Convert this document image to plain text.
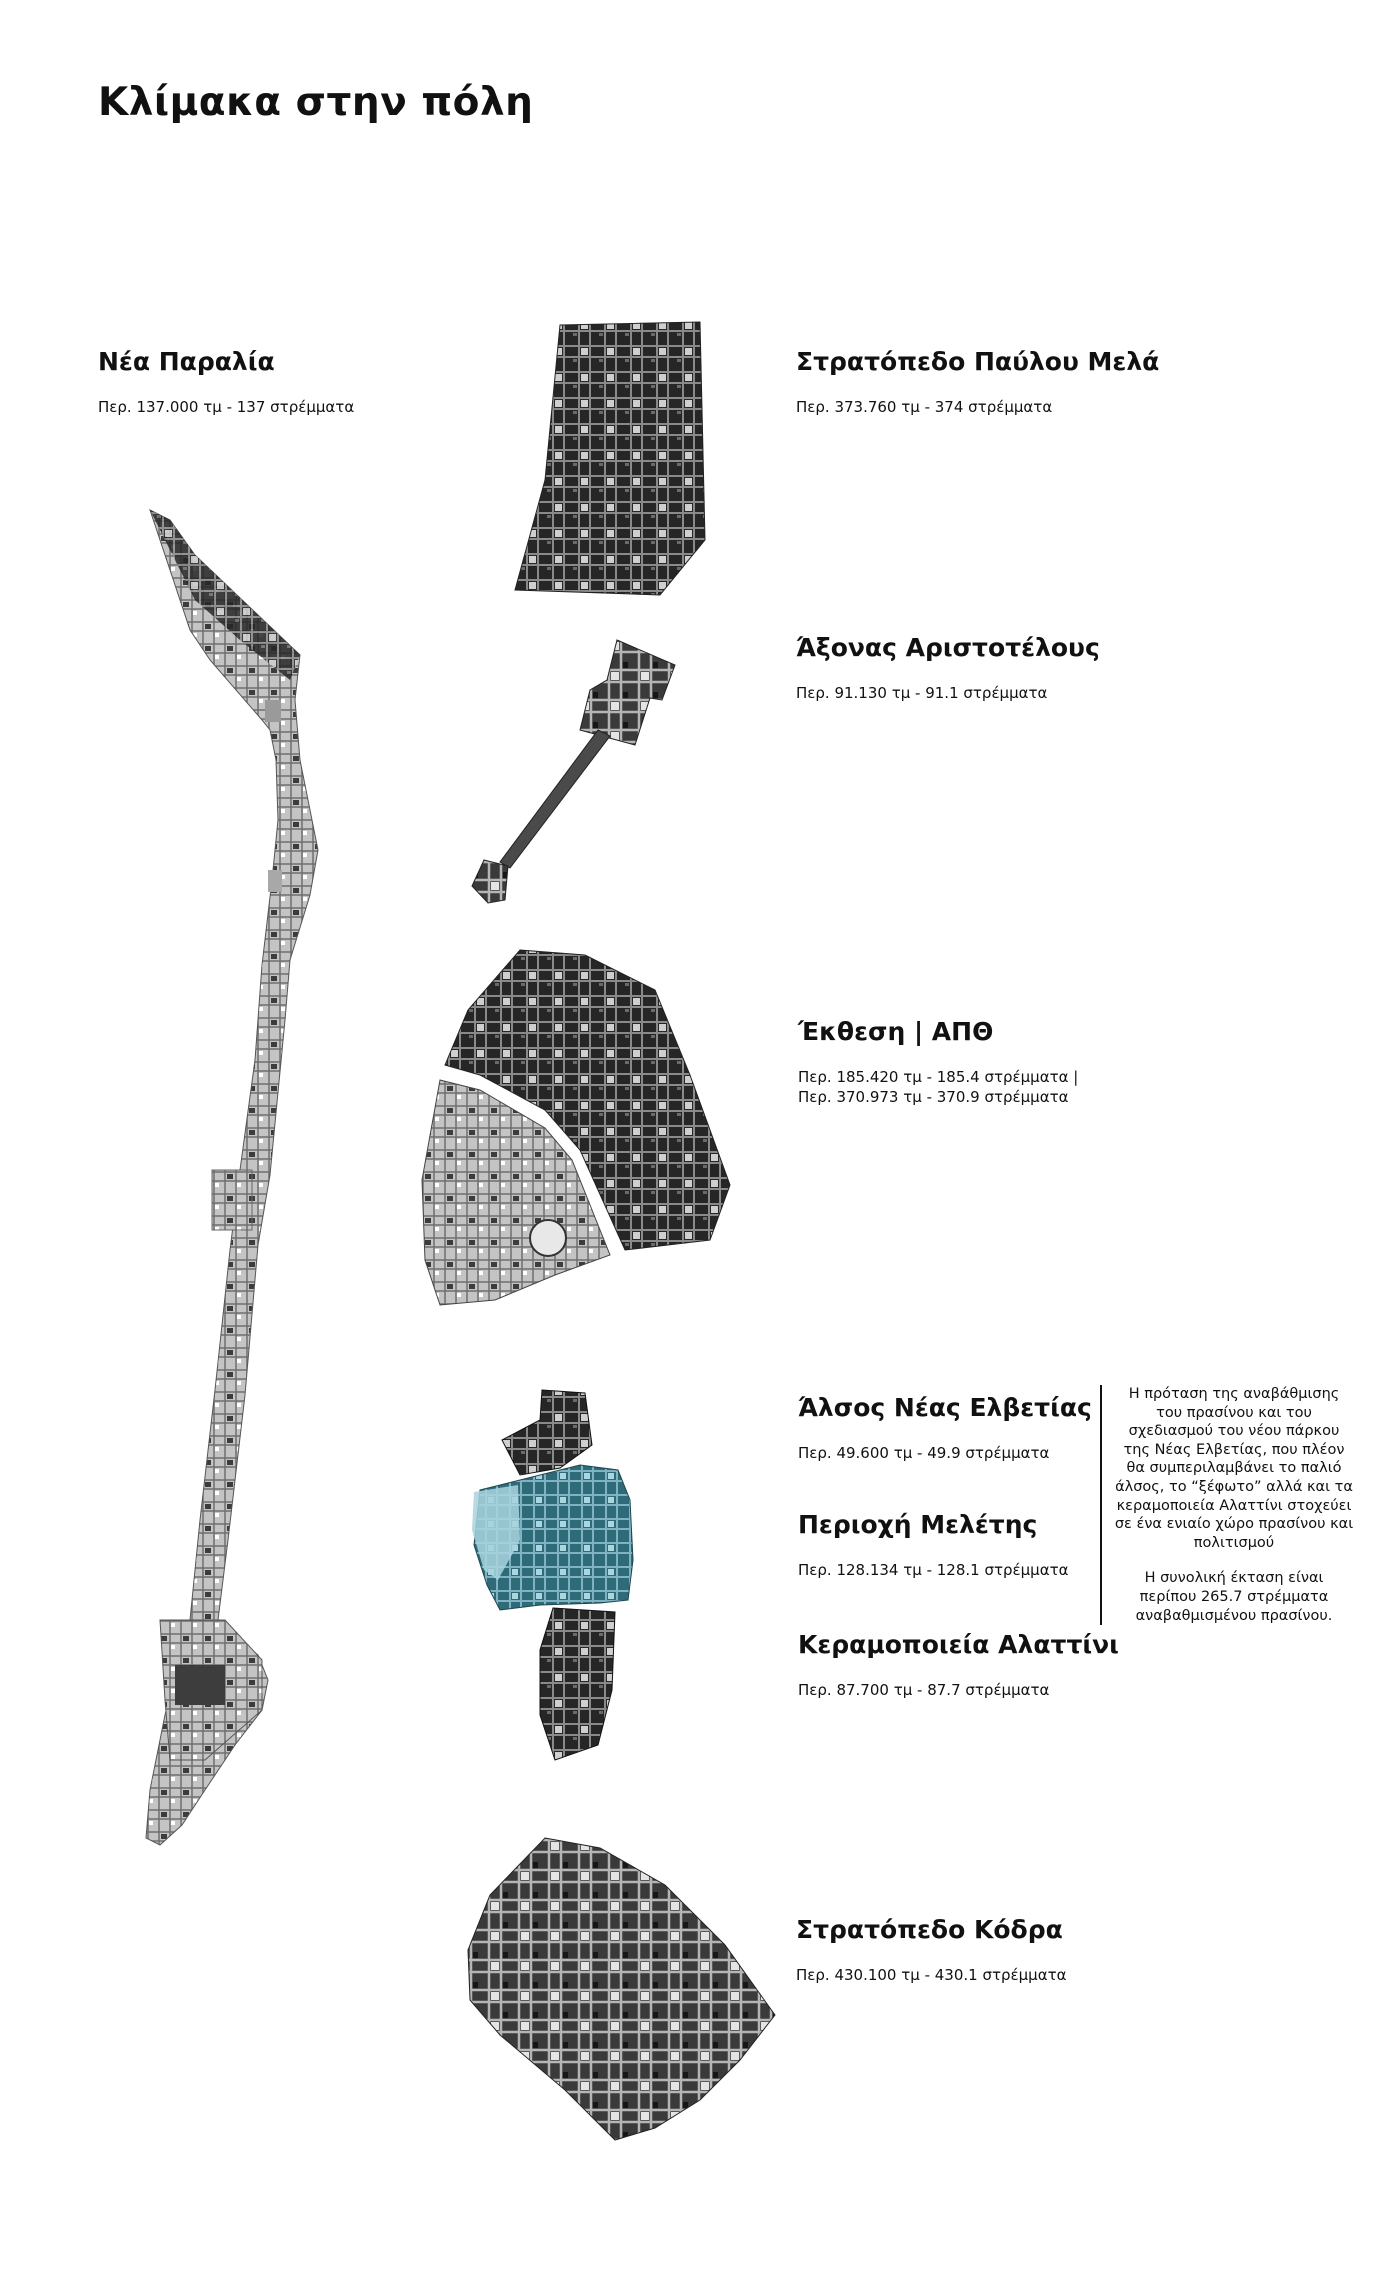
Κλίμακα στην πόλη
Νέα Παραλία
Περ. 137.000 τμ - 137 στρέμματα
Στρατόπεδο Παύλου Μελά
Περ. 373.760 τμ - 374 στρέμματα
Άξονας Αριστοτέλους
Περ. 91.130 τμ - 91.1 στρέμματα
Έκθεση | ΑΠΘ
Περ. 185.420 τμ - 185.4 στρέμματα |
Περ. 370.973 τμ - 370.9 στρέμματα
Άλσος Νέας Ελβετίας
Περ. 49.600 τμ - 49.9 στρέμματα
Περιοχή Μελέτης
Περ. 128.134 τμ - 128.1 στρέμματα
Κεραμοποιεία Αλαττίνι
Περ. 87.700 τμ - 87.7 στρέμματα
Στρατόπεδο Κόδρα
Περ. 430.100 τμ - 430.1 στρέμματα

Η πρόταση της αναβάθμισης του πρασίνου και του σχεδιασμού του νέου πάρκου της Νέας Ελβετίας, που πλέον θα συμπεριλαμβάνει το παλιό άλσος, το “ξέφωτο” αλλά και τα κεραμοποιεία Αλαττίνι στοχεύει σε ένα ενιαίο χώρο πρασίνου και πολιτισμού

Η συνολική έκταση είναι περίπου 265.7 στρέμματα αναβαθμισμένου πρασίνου.
